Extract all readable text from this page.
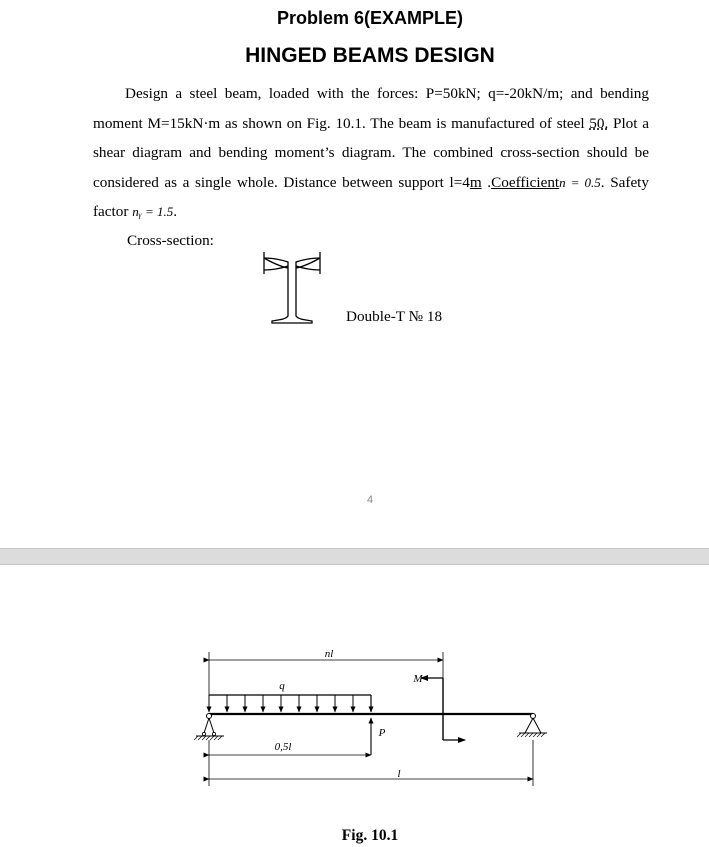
Problem 6(EXAMPLE)
HINGED BEAMS DESIGN

Design a steel beam, loaded with the forces: P=50kN; q=-20kN/m; and bending moment M=15kN·m as shown on Fig. 10.1. The beam is manufactured of steel 50. Plot a shear diagram and bending moment’s diagram. The combined cross-section should be considered as a single whole. Distance between support l=4m .Coefficientn = 0.5. Safety factor nᵧ = 1.5.

Cross-section:
Double-T № 18
4
nl
q
M
P
0,5l
l
Fig. 10.1
